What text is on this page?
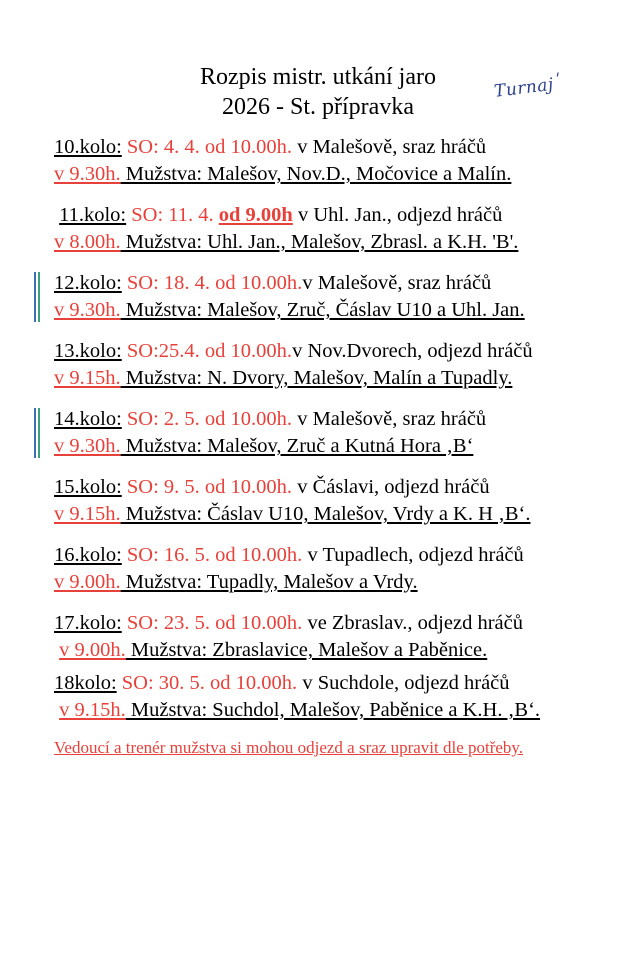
Turnaj'
Rozpis mistr. utkání jaro
2026 - St. přípravka
10.kolo: SO: 4. 4. od 10.00h. v Malešově, sraz hráčů
v 9.30h. Mužstva: Malešov, Nov.D., Močovice a Malín.
11.kolo: SO: 11. 4. od 9.00h v Uhl. Jan., odjezd hráčů
v 8.00h. Mužstva: Uhl. Jan., Malešov, Zbrasl. a K.H. 'B'.
12.kolo: SO: 18. 4. od 10.00h.v Malešově, sraz hráčů
v 9.30h. Mužstva: Malešov, Zruč, Čáslav U10 a Uhl. Jan.
13.kolo: SO:25.4. od 10.00h.v Nov.Dvorech, odjezd hráčů
v 9.15h. Mužstva: N. Dvory, Malešov, Malín a Tupadly.
14.kolo: SO: 2. 5. od 10.00h. v Malešově, sraz hráčů
v 9.30h. Mužstva: Malešov, Zruč a Kutná Hora ‚B‘
15.kolo: SO: 9. 5. od 10.00h. v Čáslavi, odjezd hráčů
v 9.15h. Mužstva: Čáslav U10, Malešov, Vrdy a K. H ‚B‘.
16.kolo: SO: 16. 5. od 10.00h. v Tupadlech, odjezd hráčů
v 9.00h. Mužstva: Tupadly, Malešov a Vrdy.
17.kolo: SO: 23. 5. od 10.00h. ve Zbraslav., odjezd hráčů
v 9.00h. Mužstva: Zbraslavice, Malešov a Paběnice.
18kolo: SO: 30. 5. od 10.00h. v Suchdole, odjezd hráčů
v 9.15h. Mužstva: Suchdol, Malešov, Paběnice a K.H. ‚B‘.
Vedoucí a trenér mužstva si mohou odjezd a sraz upravit dle potřeby.
